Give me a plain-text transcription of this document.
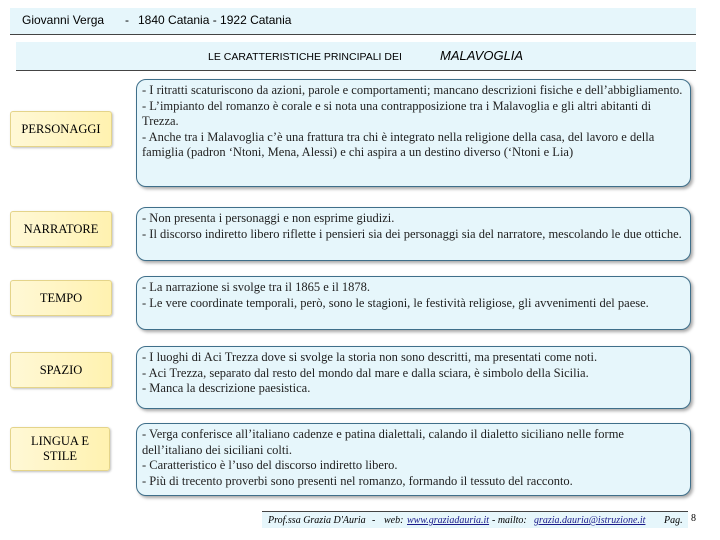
Giovanni Verga - 1840 Catania - 1922 Catania
LE CARATTERISTICHE PRINCIPALI DEI	MALAVOGLIA
PERSONAGGI
- I ritratti scaturiscono da azioni, parole e comportamenti; mancano descrizioni fisiche e dell’abbigliamento.
- L’impianto del romanzo è corale e si nota una contrapposizione tra i Malavoglia e gli altri abitanti di Trezza.
- Anche tra i Malavoglia c’è una frattura tra chi è integrato nella religione della casa, del lavoro e della famiglia (padron ‘Ntoni, Mena, Alessi) e chi aspira a un destino diverso (‘Ntoni e Lia)
NARRATORE
- Non presenta i personaggi e non esprime giudizi.
- Il discorso indiretto libero riflette i pensieri sia dei personaggi sia del narratore, mescolando le due ottiche.
TEMPO
- La narrazione si svolge tra il 1865 e il 1878.
- Le vere coordinate temporali, però, sono le stagioni, le festività religiose, gli avvenimenti del paese.
SPAZIO
- I luoghi di Aci Trezza dove si svolge la storia non sono descritti, ma presentati come noti.
- Aci Trezza, separato dal resto del mondo dal mare e dalla sciara, è simbolo della Sicilia.
- Manca la descrizione paesistica.
LINGUA E STILE
- Verga conferisce all’italiano cadenze e patina dialettali, calando il dialetto siciliano nelle forme dell’italiano dei siciliani colti.
- Caratteristico è l’uso del discorso indiretto libero.
- Più di trecento proverbi sono presenti nel romanzo, formando il tessuto del racconto.
Prof.ssa Grazia D'Auria - web: www.graziadauria.it - mailto: grazia.dauria@istruzione.it Pag. 8
